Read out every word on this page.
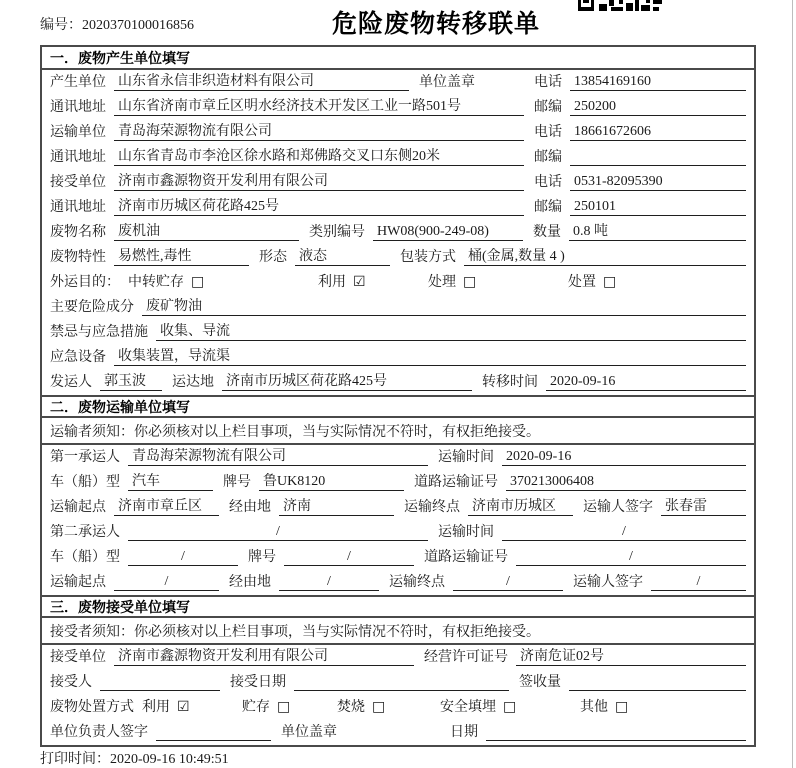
编号：2020370100016856	危险废物转移联单
一．废物产生单位填写
产生单位 山东省永信非织造材料有限公司	单位盖章	电话 13854169160
通讯地址 山东省济南市章丘区明水经济技术开发区工业一路501号	邮编 250200
运输单位 青岛海荣源物流有限公司	电话 18661672606
通讯地址 山东省青岛市李沧区徐水路和郑佛路交叉口东侧20米	邮编
接受单位 济南市鑫源物资开发利用有限公司	电话 0531-82095390
通讯地址 济南市历城区荷花路425号	邮编 250101
废物名称 废机油	类别编号 HW08(900-249-08)	数量 0.8 吨
废物特性 易燃性,毒性	形态 液态	包装方式 桶(金属,数量 4 )
外运目的： 中转贮存 □	利用 ☑	处理 □	处置 □
主要危险成分 废矿物油
禁忌与应急措施 收集、导流
应急设备 收集装置，导流渠
发运人 郭玉波	运达地 济南市历城区荷花路425号	转移时间 2020-09-16
二．废物运输单位填写
运输者须知：你必须核对以上栏目事项，当与实际情况不符时，有权拒绝接受。
第一承运人 青岛海荣源物流有限公司	运输时间 2020-09-16
车（船）型 汽车	牌号 鲁UK8120	道路运输证号 370213006408
运输起点 济南市章丘区	经由地 济南	运输终点 济南市历城区	运输人签字 张春雷
第二承运人	/	运输时间	/
车（船）型	/	牌号	/	道路运输证号	/
运输起点	/	经由地	/	运输终点	/	运输人签字	/
三．废物接受单位填写
接受者须知：你必须核对以上栏目事项，当与实际情况不符时，有权拒绝接受。
接受单位 济南市鑫源物资开发利用有限公司	经营许可证号 济南危证02号
接受人	接受日期	签收量
废物处置方式 利用 ☑	贮存 □	焚烧 □	安全填埋 □	其他 □
单位负责人签字	单位盖章	日期
打印时间：2020-09-16 10:49:51
